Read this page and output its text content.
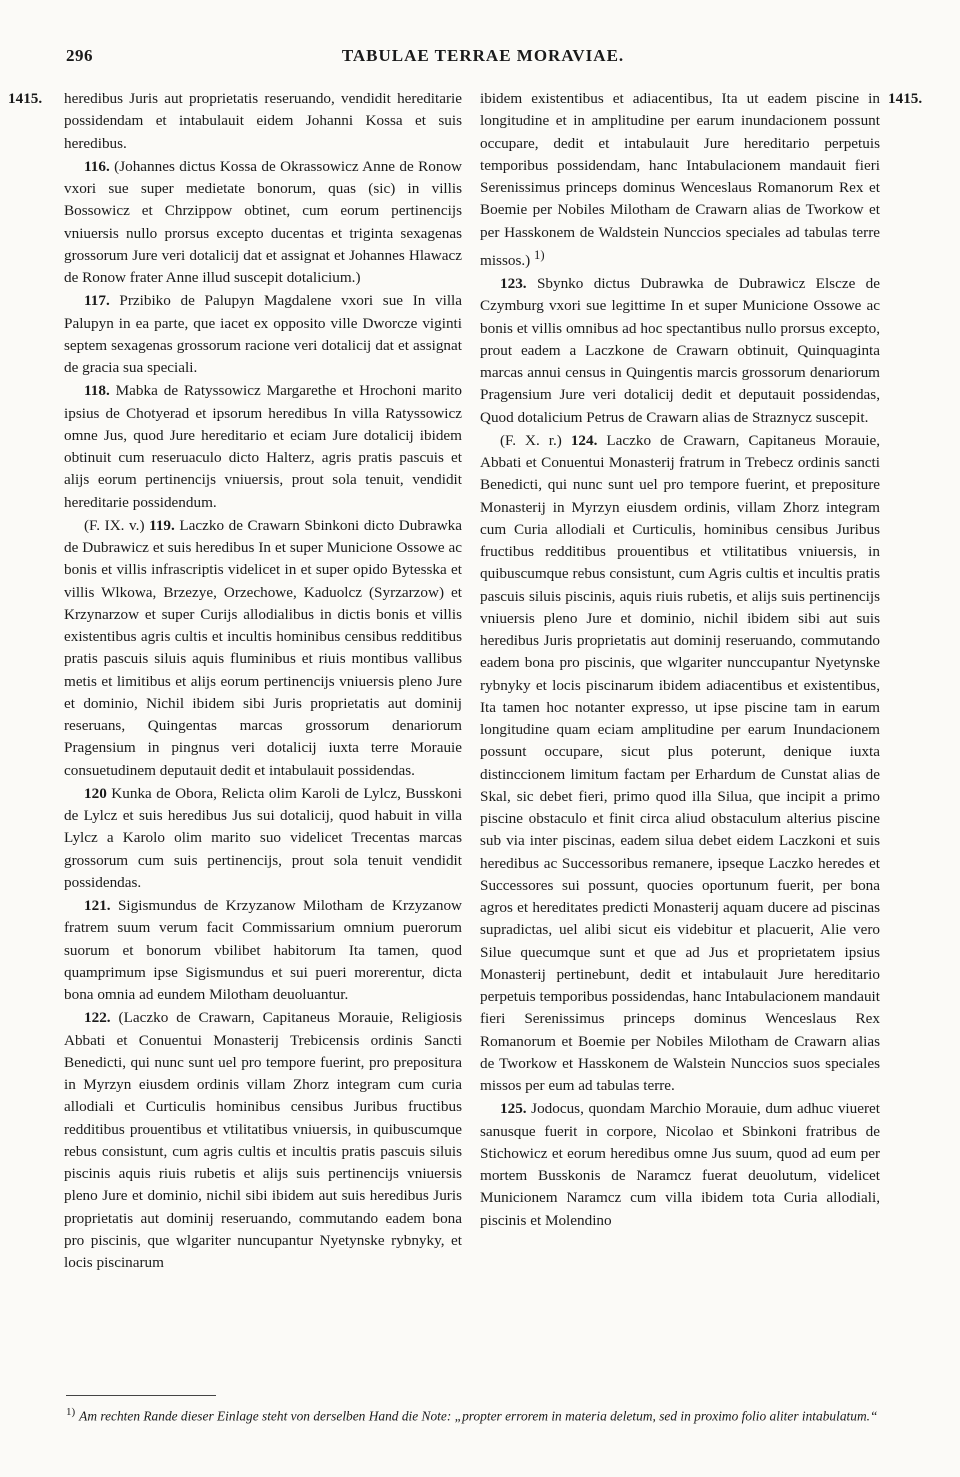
296	TABULAE TERRAE MORAVIAE.
1415.	1415.

heredibus Juris aut proprietatis reseruando, vendidit hereditarie possidendam et intabulauit eidem Johanni Kossa et suis heredibus.

116. (Johannes dictus Kossa de Okrassowicz Anne de Ronow vxori sue super medietate bonorum, quas (sic) in villis Bossowicz et Chrzippow obtinet, cum eorum pertinencijs vniuersis nullo prorsus excepto ducentas et triginta sexagenas grossorum Jure veri dotalicij dat et assignat et Johannes Hlawacz de Ronow frater Anne illud suscepit dotalicium.)

117. Przibiko de Palupyn Magdalene vxori sue In villa Palupyn in ea parte, que iacet ex opposito ville Dworcze viginti septem sexagenas grossorum racione veri dotalicij dat et assignat de gracia sua speciali.

118. Mabka de Ratyssowicz Margarethe et Hrochoni marito ipsius de Chotyerad et ipsorum heredibus In villa Ratyssowicz omne Jus, quod Jure hereditario et eciam Jure dotalicij ibidem obtinuit cum reseruaculo dicto Halterz, agris pratis pascuis et alijs eorum pertinencijs vniuersis, prout sola tenuit, vendidit hereditarie possidendum.

(F. IX. v.) 119. Laczko de Crawarn Sbinkoni dicto Dubrawka de Dubrawicz et suis heredibus In et super Municione Ossowe ac bonis et villis infrascriptis videlicet in et super opido Bytesska et villis Wlkowa, Brzezye, Orzechowe, Kaduolcz (Syrzarzow) et Krzynarzow et super Curijs allodialibus in dictis bonis et villis existentibus agris cultis et incultis hominibus censibus redditibus pratis pascuis siluis aquis fluminibus et riuis montibus vallibus metis et limitibus et alijs eorum pertinencijs vniuersis pleno Jure et dominio, Nichil ibidem sibi Juris proprietatis aut dominij reseruans, Quingentas marcas grossorum denariorum Pragensium in pingnus veri dotalicij iuxta terre Morauie consuetudinem deputauit dedit et intabulauit possidendas.

120 Kunka de Obora, Relicta olim Karoli de Lylcz, Busskoni de Lylcz et suis heredibus Jus sui dotalicij, quod habuit in villa Lylcz a Karolo olim marito suo videlicet Trecentas marcas grossorum cum suis pertinencijs, prout sola tenuit vendidit possidendas.

121. Sigismundus de Krzyzanow Milotham de Krzyzanow fratrem suum verum facit Commissarium omnium puerorum suorum et bonorum vbilibet habitorum Ita tamen, quod quamprimum ipse Sigismundus et sui pueri morerentur, dicta bona omnia ad eundem Milotham deuoluantur.

122. (Laczko de Crawarn, Capitaneus Morauie, Religiosis Abbati et Conuentui Monasterij Trebicensis ordinis Sancti Benedicti, qui nunc sunt uel pro tempore fuerint, pro prepositura in Myrzyn eiusdem ordinis villam Zhorz integram cum curia allodiali et Curticulis hominibus censibus Juribus fructibus redditibus prouentibus et vtilitatibus vniuersis, in quibuscumque rebus consistunt, cum agris cultis et incultis pratis pascuis siluis piscinis aquis riuis rubetis et alijs suis pertinencijs vniuersis pleno Jure et dominio, nichil sibi ibidem aut suis heredibus Juris proprietatis aut dominij reseruando, commutando eadem bona pro piscinis, que wlgariter nuncupantur Nyetynske rybnyky, et locis piscinarum

ibidem existentibus et adiacentibus, Ita ut eadem piscine in longitudine et in amplitudine per earum inundacionem possunt occupare, dedit et intabulauit Jure hereditario perpetuis temporibus possidendam, hanc Intabulacionem mandauit fieri Serenissimus princeps dominus Wenceslaus Romanorum Rex et Boemie per Nobiles Milotham de Crawarn alias de Tworkow et per Hasskonem de Waldstein Nunccios speciales ad tabulas terre missos.) $^{1)}$

123. Sbynko dictus Dubrawka de Dubrawicz Elscze de Czymburg vxori sue legittime In et super Municione Ossowe ac bonis et villis omnibus ad hoc spectantibus nullo prorsus excepto, prout eadem a Laczkone de Crawarn obtinuit, Quinquaginta marcas annui census in Quingentis marcis grossorum denariorum Pragensium Jure veri dotalicij dedit et deputauit possidendas, Quod dotalicium Petrus de Crawarn alias de Straznycz suscepit.

(F. X. r.) 124. Laczko de Crawarn, Capitaneus Morauie, Abbati et Conuentui Monasterij fratrum in Trebecz ordinis sancti Benedicti, qui nunc sunt uel pro tempore fuerint, et prepositure Monasterij in Myrzyn eiusdem ordinis, villam Zhorz integram cum Curia allodiali et Curticulis, hominibus censibus Juribus fructibus redditibus prouentibus et vtilitatibus vniuersis, in quibuscumque rebus consistunt, cum Agris cultis et incultis pratis pascuis siluis piscinis, aquis riuis rubetis, et alijs suis pertinencijs vniuersis pleno Jure et dominio, nichil ibidem sibi aut suis heredibus Juris proprietatis aut dominij reseruando, commutando eadem bona pro piscinis, que wlgariter nunccupantur Nyetynske rybnyky et locis piscinarum ibidem adiacentibus et existentibus, Ita tamen hoc notanter expresso, ut ipse piscine tam in earum longitudine quam eciam amplitudine per earum Inundacionem possunt occupare, sicut plus poterunt, denique iuxta distinccionem limitum factam per Erhardum de Cunstat alias de Skal, sic debet fieri, primo quod illa Silua, que incipit a primo piscine obstaculo et finit circa aliud obstaculum alterius piscine sub via inter piscinas, eadem silua debet eidem Laczkoni et suis heredibus ac Successoribus remanere, ipseque Laczko heredes et Successores sui possunt, quocies oportunum fuerit, per bona agros et hereditates predicti Monasterij aquam ducere ad piscinas supradictas, uel alibi sicut eis videbitur et placuerit, Alie vero Silue quecumque sunt et que ad Jus et proprietatem ipsius Monasterij pertinebunt, dedit et intabulauit Jure hereditario perpetuis temporibus possidendas, hanc Intabulacionem mandauit fieri Serenissimus princeps dominus Wenceslaus Rex Romanorum et Boemie per Nobiles Milotham de Crawarn alias de Tworkow et Hasskonem de Walstein Nunccios suos speciales missos per eum ad tabulas terre.

125. Jodocus, quondam Marchio Morauie, dum adhuc viueret sanusque fuerit in corpore, Nicolao et Sbinkoni fratribus de Stichowicz et eorum heredibus omne Jus suum, quod ad eum per mortem Busskonis de Naramcz fuerat deuolutum, videlicet Municionem Naramcz cum villa ibidem tota Curia allodiali, piscinis et Molendino

$^{1)}$ Am rechten Rande dieser Einlage steht von derselben Hand die Note: „propter errorem in materia deletum, sed in proximo folio aliter intabulatum.“
